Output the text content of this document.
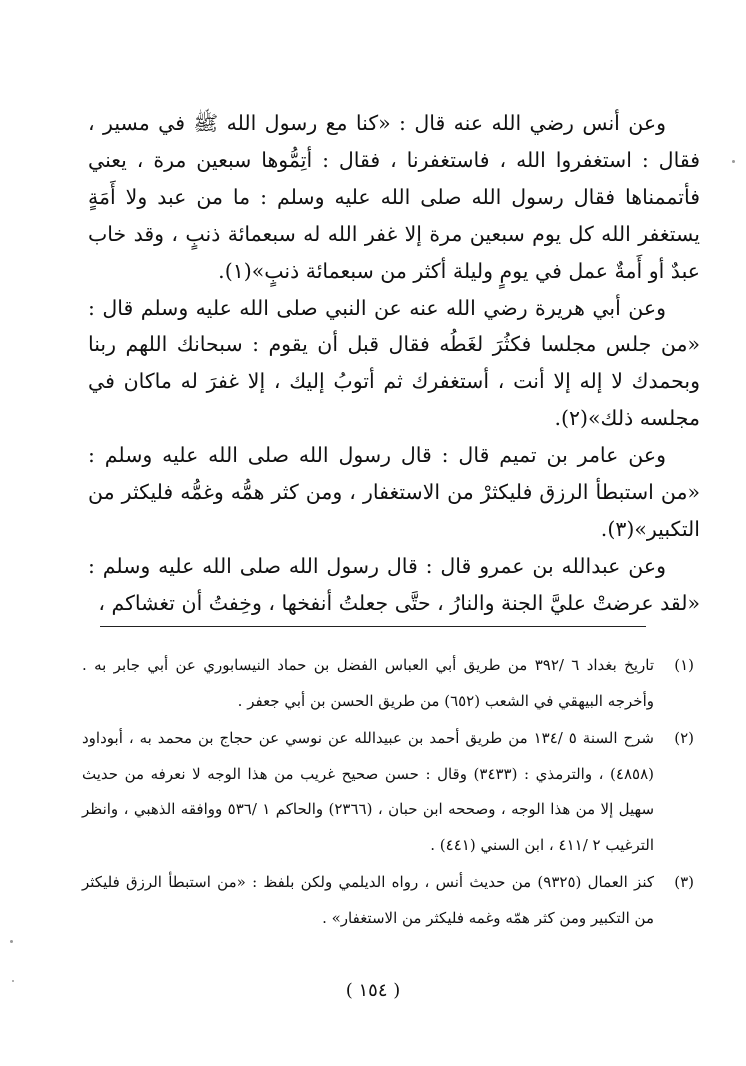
وعن أنس رضي الله عنه قال : «كنا مع رسول الله ﷺ في مسير ، فقال : استغفروا الله ، فاستغفرنا ، فقال : أتِمُّوها سبعين مرة ، يعني فأتممناها فقال رسول الله صلى الله عليه وسلم : ما من عبد ولا أَمَةٍ يستغفر الله كل يوم سبعين مرة إلا غفر الله له سبعمائة ذنبٍ ، وقد خاب عبدٌ أو أَمةٌ عمل في يومٍ وليلة أكثر من سبعمائة ذنبٍ»(١).

وعن أبي هريرة رضي الله عنه عن النبي صلى الله عليه وسلم قال : «من جلس مجلسا فكثُرَ لغَطُه فقال قبل أن يقوم : سبحانك اللهم ربنا وبحمدك لا إله إلا أنت ، أستغفرك ثم أتوبُ إليك ، إلا غفرَ له ماكان في مجلسه ذلك»(٢).

وعن عامر بن تميم قال : قال رسول الله صلى الله عليه وسلم : «من استبطأ الرزق فليكثرْ من الاستغفار ، ومن كثر همُّه وغمُّه فليكثر من التكبير»(٣).

وعن عبدالله بن عمرو قال : قال رسول الله صلى الله عليه وسلم : «لقد عرضتْ عليَّ الجنة والنارُ ، حتَّى جعلتُ أنفخها ، وخِفتُ أن تغشاكم ،

(١)
تاريخ بغداد ٦ /٣٩٢ من طريق أبي العباس الفضل بن حماد النيسابوري عن أبي جابر به . وأخرجه البيهقي في الشعب (٦٥٢) من طريق الحسن بن أبي جعفر .
(٢)
شرح السنة ٥ /١٣٤ من طريق أحمد بن عبيدالله عن نوسي عن حجاج بن محمد به ، أبوداود (٤٨٥٨) ، والترمذي : (٣٤٣٣) وقال : حسن صحيح غريب من هذا الوجه لا نعرفه من حديث سهيل إلا من هذا الوجه ، وصححه ابن حبان ، (٢٣٦٦) والحاكم ١ /٥٣٦ ووافقه الذهبي ، وانظر الترغيب ٢ /٤١١ ، ابن السني (٤٤١) .
(٣)
كنز العمال (٩٣٢٥) من حديث أنس ، رواه الديلمي ولكن بلفظ : «من استبطأ الرزق فليكثر من التكبير ومن كثر همّه وغمه فليكثر من الاستغفار» .
( ١٥٤ )
